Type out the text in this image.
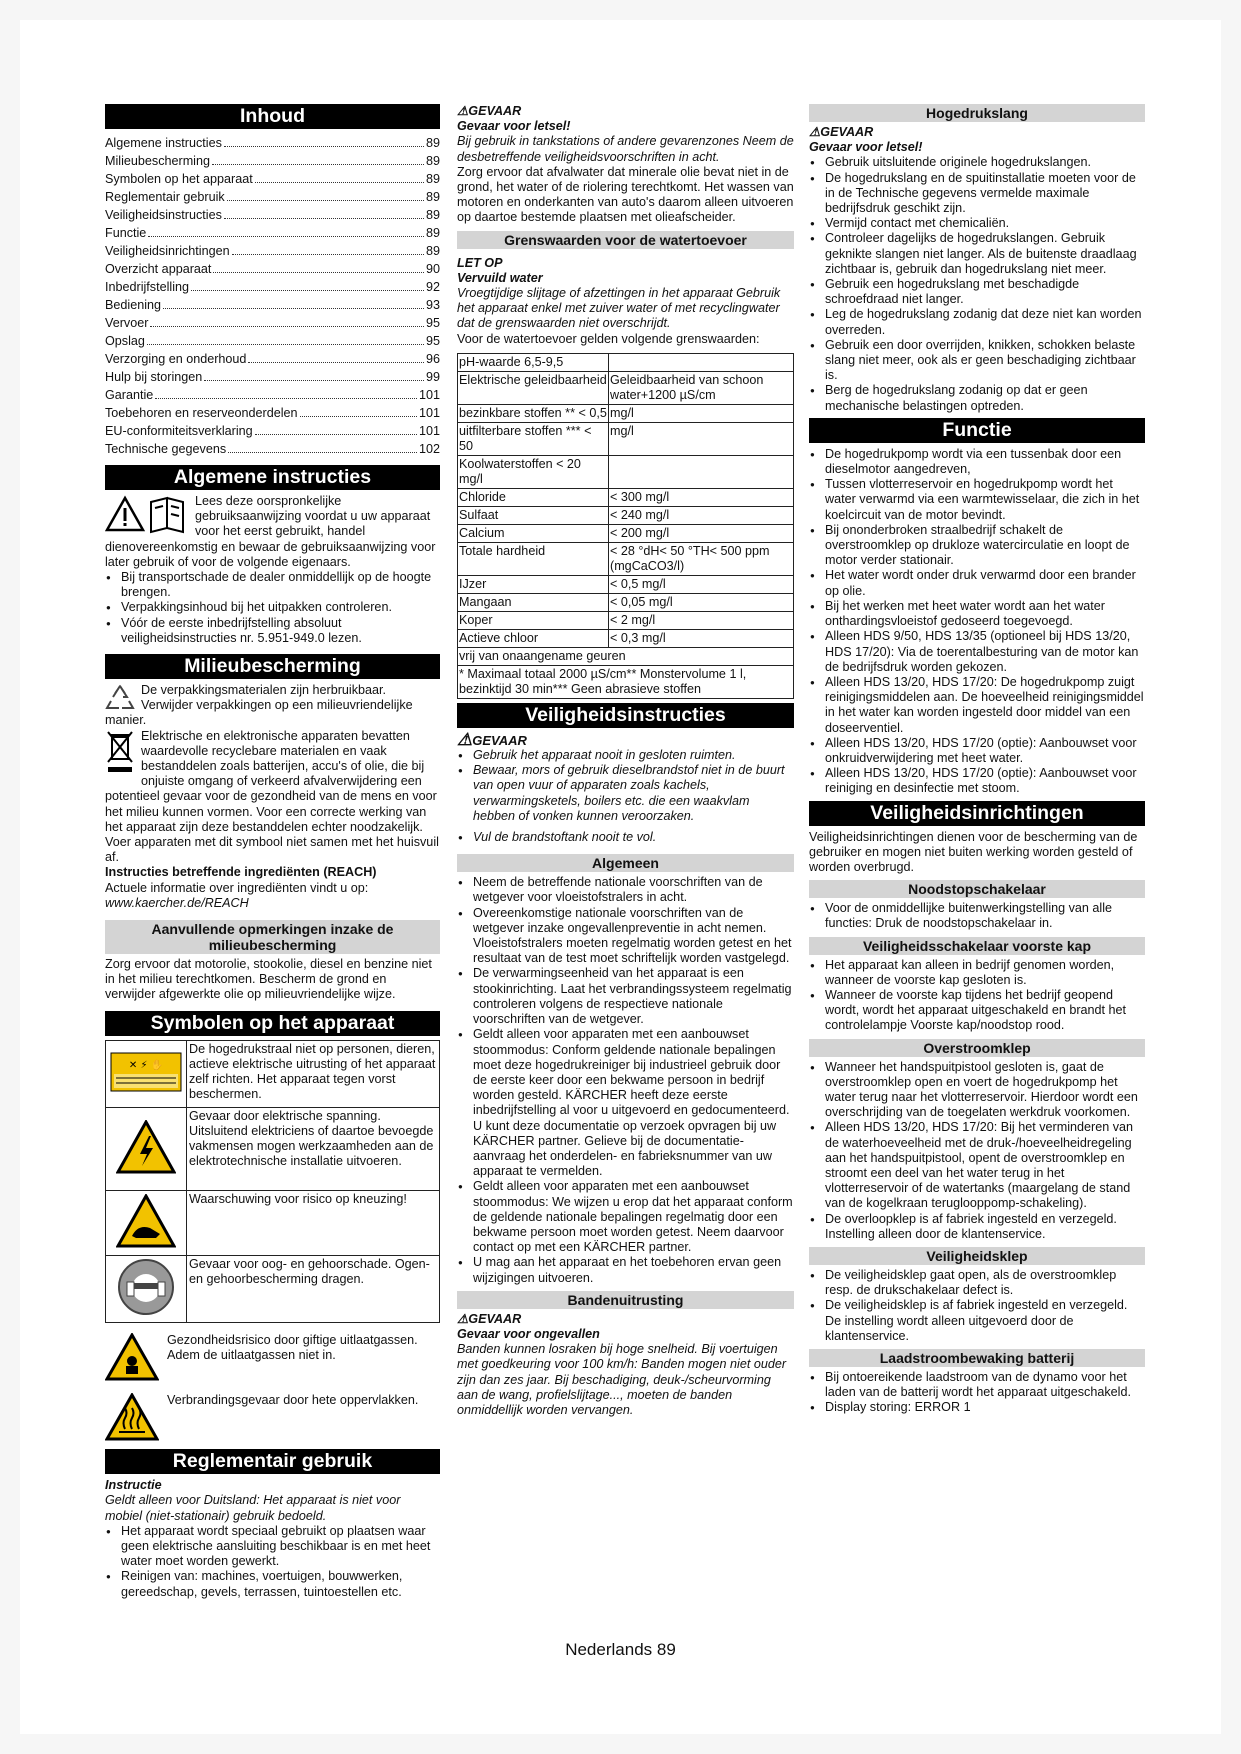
Inhoud
Algemene instructies	89
Milieubescherming	89
Symbolen op het apparaat	89
Reglementair gebruik	89
Veiligheidsinstructies	89
Functie	89
Veiligheidsinrichtingen	89
Overzicht apparaat	90
Inbedrijfstelling	92
Bediening	93
Vervoer	95
Opslag	95
Verzorging en onderhoud	96
Hulp bij storingen	99
Garantie	101
Toebehoren en reserveonderdelen	101
EU-conformiteitsverklaring	101
Technische gegevens	102
Algemene instructies

Lees deze oorspronkelijke gebruiksaanwijzing voordat u uw apparaat voor het eerst gebruikt, handel dienovereenkomstig en bewaar de gebruiksaanwijzing voor later gebruik of voor de volgende eigenaars.

● Bij transportschade de dealer onmiddellijk op de hoogte brengen.
● Verpakkingsinhoud bij het uitpakken controleren.
● Vóór de eerste inbedrijfstelling absoluut veiligheidsinstructies nr. 5.951-949.0 lezen.
Milieubescherming

De verpakkingsmaterialen zijn herbruikbaar. Verwijder verpakkingen op een milieuvriendelijke manier.

Elektrische en elektronische apparaten bevatten waardevolle recyclebare materialen en vaak bestanddelen zoals batterijen, accu's of olie, die bij onjuiste omgang of verkeerd afvalverwijdering een potentieel gevaar voor de gezondheid van de mens en voor het milieu kunnen vormen. Voor een correcte werking van het apparaat zijn deze bestanddelen echter noodzakelijk. Voer apparaten met dit symbool niet samen met het huisvuil af.

Instructies betreffende ingrediënten (REACH)

Actuele informatie over ingrediënten vindt u op:

www.kaercher.de/REACH

Aanvullende opmerkingen inzake de milieubescherming

Zorg ervoor dat motorolie, stookolie, diesel en benzine niet in het milieu terechtkomen. Bescherm de grond en verwijder afgewerkte olie op milieuvriendelijke wijze.

Symbolen op het apparaat
✕ ⚡ ✋	De hogedrukstraal niet op personen, dieren, actieve elektrische uitrusting of het apparaat zelf richten. Het apparaat tegen vorst beschermen.
	Gevaar door elektrische spanning. Uitsluitend elektriciens of daartoe bevoegde vakmensen mogen werkzaamheden aan de elektrotechnische installatie uitvoeren.
	Waarschuwing voor risico op kneuzing!
	Gevaar voor oog- en gehoorschade. Ogen- en gehoorbescherming dragen.

Gezondheidsrisico door giftige uitlaatgassen. Adem de uitlaatgassen niet in.

Verbrandingsgevaar door hete oppervlakken.

Reglementair gebruik

Instructie

Geldt alleen voor Duitsland: Het apparaat is niet voor mobiel (niet-stationair) gebruik bedoeld.

● Het apparaat wordt speciaal gebruikt op plaatsen waar geen elektrische aansluiting beschikbaar is en met heet water moet worden gewerkt.
● Reinigen van: machines, voertuigen, bouwwerken, gereedschap, gevels, terrassen, tuintoestellen etc.

⚠GEVAAR

Gevaar voor letsel!

Bij gebruik in tankstations of andere gevarenzones Neem de desbetreffende veiligheidsvoorschriften in acht.

Zorg ervoor dat afvalwater dat minerale olie bevat niet in de grond, het water of de riolering terechtkomt. Het wassen van motoren en onderkanten van auto's daarom alleen uitvoeren op daartoe bestemde plaatsen met olieafscheider.

Grenswaarden voor de watertoevoer

LET OP

Vervuild water

Vroegtijdige slijtage of afzettingen in het apparaat Gebruik het apparaat enkel met zuiver water of met recyclingwater dat de grenswaarden niet overschrijdt.

Voor de watertoevoer gelden volgende grenswaarden:

pH-waarde 6,5-9,5	
Elektrische geleidbaarheid	Geleidbaarheid van schoon water+1200 µS/cm
bezinkbare stoffen ** < 0,5	mg/l
uitfilterbare stoffen *** < 50	mg/l
Koolwaterstoffen < 20 mg/l	
Chloride	< 300 mg/l
Sulfaat	< 240 mg/l
Calcium	< 200 mg/l
Totale hardheid	< 28 °dH< 50 °TH< 500 ppm (mgCaCO3/l)
IJzer	< 0,5 mg/l
Mangaan	< 0,05 mg/l
Koper	< 2 mg/l
Actieve chloor	< 0,3 mg/l
vrij van onaangename geuren	
* Maximaal totaal 2000 µS/cm** Monstervolume 1 l, bezinktijd 30 min*** Geen abrasieve stoffen	
Veiligheidsinstructies

⚠GEVAAR

● Gebruik het apparaat nooit in gesloten ruimten.
● Bewaar, mors of gebruik dieselbrandstof niet in de buurt van open vuur of apparaten zoals kachels, verwarmingsketels, boilers etc. die een waakvlam hebben of vonken kunnen veroorzaken.
● Vul de brandstoftank nooit te vol.
Algemeen
● Neem de betreffende nationale voorschriften van de wetgever voor vloeistofstralers in acht.
● Overeenkomstige nationale voorschriften van de wetgever inzake ongevallenpreventie in acht nemen. Vloeistofstralers moeten regelmatig worden getest en het resultaat van de test moet schriftelijk worden vastgelegd.
● De verwarmingseenheid van het apparaat is een stookinrichting. Laat het verbrandingssysteem regelmatig controleren volgens de respectieve nationale voorschriften van de wetgever.
● Geldt alleen voor apparaten met een aanbouwset stoommodus: Conform geldende nationale bepalingen moet deze hogedrukreiniger bij industrieel gebruik door de eerste keer door een bekwame persoon in bedrijf worden gesteld. KÄRCHER heeft deze eerste inbedrijfstelling al voor u uitgevoerd en gedocumenteerd. U kunt deze documentatie op verzoek opvragen bij uw KÄRCHER partner. Gelieve bij de documentatie-aanvraag het onderdelen- en fabrieksnummer van uw apparaat te vermelden.
● Geldt alleen voor apparaten met een aanbouwset stoommodus: We wijzen u erop dat het apparaat conform de geldende nationale bepalingen regelmatig door een bekwame persoon moet worden getest. Neem daarvoor contact op met een KÄRCHER partner.
● U mag aan het apparaat en het toebehoren ervan geen wijzigingen uitvoeren.
Bandenuitrusting

⚠GEVAAR

Gevaar voor ongevallen

Banden kunnen losraken bij hoge snelheid. Bij voertuigen met goedkeuring voor 100 km/h: Banden mogen niet ouder zijn dan zes jaar. Bij beschadiging, deuk-/scheurvorming aan de wang, profielslijtage..., moeten de banden onmiddellijk worden vervangen.

Hogedrukslang

⚠GEVAAR

Gevaar voor letsel!

● Gebruik uitsluitende originele hogedrukslangen.
● De hogedrukslang en de spuitinstallatie moeten voor de in de Technische gegevens vermelde maximale bedrijfsdruk geschikt zijn.
● Vermijd contact met chemicaliën.
● Controleer dagelijks de hogedrukslangen. Gebruik geknikte slangen niet langer. Als de buitenste draadlaag zichtbaar is, gebruik dan hogedrukslang niet meer.
● Gebruik een hogedrukslang met beschadigde schroefdraad niet langer.
● Leg de hogedrukslang zodanig dat deze niet kan worden overreden.
● Gebruik een door overrijden, knikken, schokken belaste slang niet meer, ook als er geen beschadiging zichtbaar is.
● Berg de hogedrukslang zodanig op dat er geen mechanische belastingen optreden.
Functie
● De hogedrukpomp wordt via een tussenbak door een dieselmotor aangedreven,
● Tussen vlotterreservoir en hogedrukpomp wordt het water verwarmd via een warmtewisselaar, die zich in het koelcircuit van de motor bevindt.
● Bij ononderbroken straalbedrijf schakelt de overstroomklep op drukloze watercirculatie en loopt de motor verder stationair.
● Het water wordt onder druk verwarmd door een brander op olie.
● Bij het werken met heet water wordt aan het water onthardingsvloeistof gedoseerd toegevoegd.
● Alleen HDS 9/50, HDS 13/35 (optioneel bij HDS 13/20, HDS 17/20): Via de toerentalbesturing van de motor kan de bedrijfsdruk worden gekozen.
● Alleen HDS 13/20, HDS 17/20: De hogedrukpomp zuigt reinigingsmiddelen aan. De hoeveelheid reinigingsmiddel in het water kan worden ingesteld door middel van een doseerventiel.
● Alleen HDS 13/20, HDS 17/20 (optie): Aanbouwset voor onkruidverwijdering met heet water.
● Alleen HDS 13/20, HDS 17/20 (optie): Aanbouwset voor reiniging en desinfectie met stoom.
Veiligheidsinrichtingen

Veiligheidsinrichtingen dienen voor de bescherming van de gebruiker en mogen niet buiten werking worden gesteld of worden overbrugd.

Noodstopschakelaar
● Voor de onmiddellijke buitenwerkingstelling van alle functies: Druk de noodstopschakelaar in.
Veiligheidsschakelaar voorste kap
● Het apparaat kan alleen in bedrijf genomen worden, wanneer de voorste kap gesloten is.
● Wanneer de voorste kap tijdens het bedrijf geopend wordt, wordt het apparaat uitgeschakeld en brandt het controlelampje Voorste kap/noodstop rood.
Overstroomklep
● Wanneer het handspuitpistool gesloten is, gaat de overstroomklep open en voert de hogedrukpomp het water terug naar het vlotterreservoir. Hierdoor wordt een overschrijding van de toegelaten werkdruk voorkomen.
● Alleen HDS 13/20, HDS 17/20: Bij het verminderen van de waterhoeveelheid met de druk-/hoeveelheidregeling aan het handspuitpistool, opent de overstroomklep en stroomt een deel van het water terug in het vlotterreservoir of de watertanks (maargelang de stand van de kogelkraan teruglooppomp-schakeling).
● De overloopklep is af fabriek ingesteld en verzegeld. Instelling alleen door de klantenservice.
Veiligheidsklep
● De veiligheidsklep gaat open, als de overstroomklep resp. de drukschakelaar defect is.
● De veiligheidsklep is af fabriek ingesteld en verzegeld. De instelling wordt alleen uitgevoerd door de klantenservice.
Laadstroombewaking batterij
● Bij ontoereikende laadstroom van de dynamo voor het laden van de batterij wordt het apparaat uitgeschakeld.
● Display storing: ERROR 1
Nederlands 89
